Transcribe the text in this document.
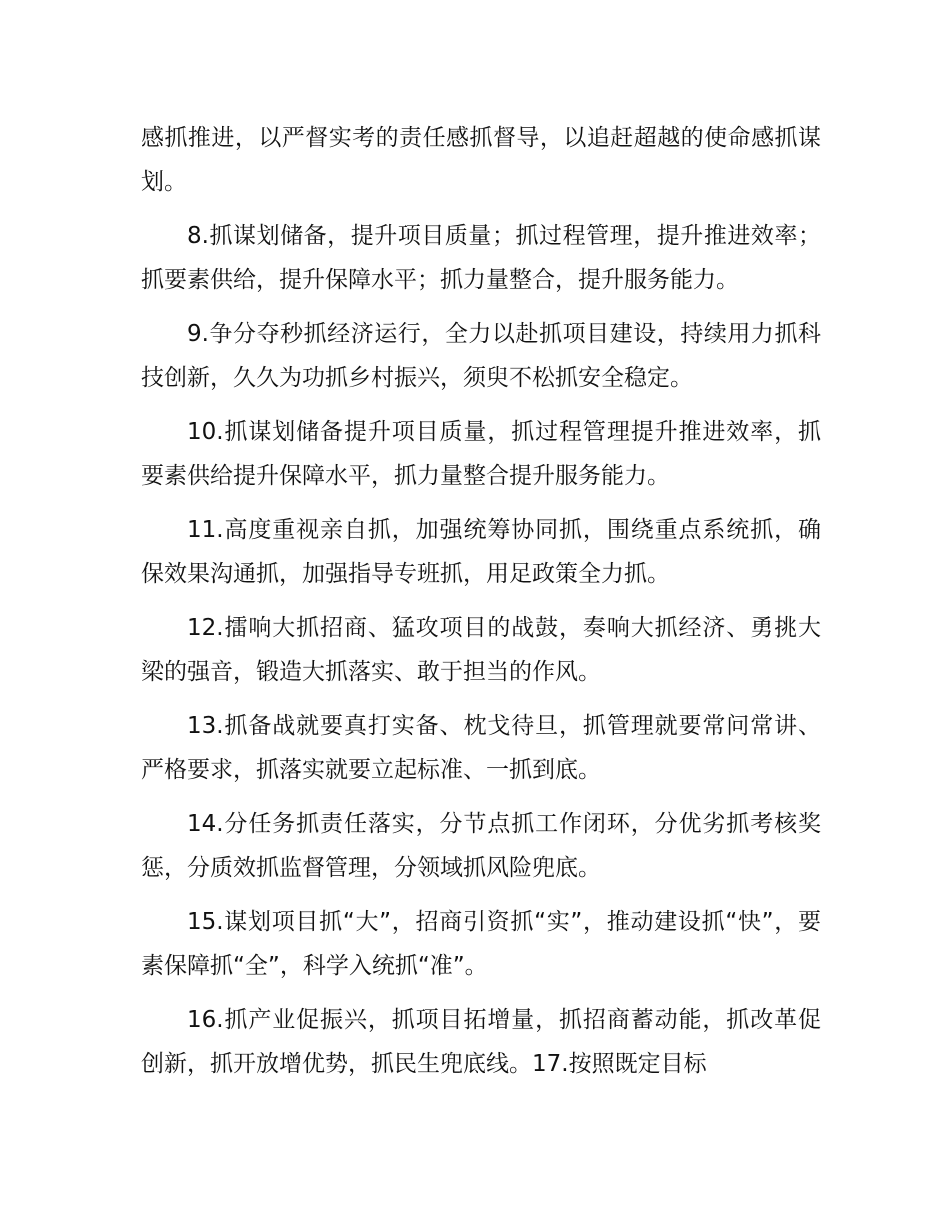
感抓推进，以严督实考的责任感抓督导，以追赶超越的使命感抓谋划。

8.抓谋划储备，提升项目质量；抓过程管理，提升推进效率；抓要素供给，提升保障水平；抓力量整合，提升服务能力。

9.争分夺秒抓经济运行，全力以赴抓项目建设，持续用力抓科技创新，久久为功抓乡村振兴，须臾不松抓安全稳定。

10.抓谋划储备提升项目质量，抓过程管理提升推进效率，抓要素供给提升保障水平，抓力量整合提升服务能力。

11.高度重视亲自抓，加强统筹协同抓，围绕重点系统抓，确保效果沟通抓，加强指导专班抓，用足政策全力抓。

12.擂响大抓招商、猛攻项目的战鼓，奏响大抓经济、勇挑大梁的强音，锻造大抓落实、敢于担当的作风。

13.抓备战就要真打实备、枕戈待旦，抓管理就要常问常讲、严格要求，抓落实就要立起标准、一抓到底。

14.分任务抓责任落实，分节点抓工作闭环，分优劣抓考核奖惩，分质效抓监督管理，分领域抓风险兜底。

15.谋划项目抓“大”，招商引资抓“实”，推动建设抓“快”，要素保障抓“全”，科学入统抓“准”。

16.抓产业促振兴，抓项目拓增量，抓招商蓄动能，抓改革促创新，抓开放增优势，抓民生兜底线。17.按照既定目标
